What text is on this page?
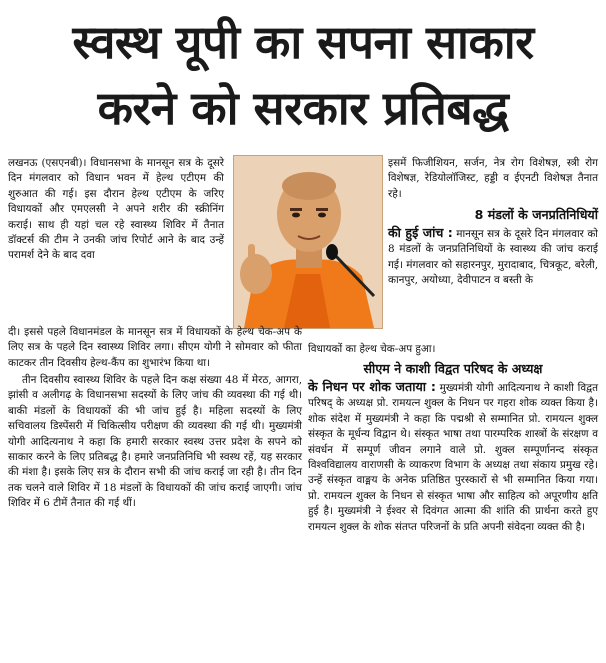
स्वस्थ यूपी का सपना साकार
करने को सरकार प्रतिबद्ध

लखनऊ (एसएनबी)। विधानसभा के मानसून सत्र के दूसरे दिन मंगलवार को विधान भवन में हेल्थ एटीएम की शुरुआत की गई। इस दौरान हेल्थ एटीएम के जरिए विधायकों और एमएलसी ने अपने शरीर की स्क्रीनिंग कराई। साथ ही यहां चल रहे स्वास्थ्य शिविर में तैनात डॉक्टर्स की टीम ने उनकी जांच रिपोर्ट आने के बाद उन्हें परामर्श देने के बाद दवा

इसमें फिजीशियन, सर्जन, नेत्र रोग विशेषज्ञ, स्त्री रोग विशेषज्ञ, रेडियोलॉजिस्ट, हड्डी व ईएनटी विशेषज्ञ तैनात रहे।

8 मंडलों के जनप्रतिनिधियों

की हुई जांच : मानसून सत्र के दूसरे दिन मंगलवार को 8 मंडलों के जनप्रतिनिधियों के स्वास्थ्य की जांच कराई गई। मंगलवार को सहारनपुर, मुरादाबाद, चित्रकूट, बरेली, कानपुर, अयोध्या, देवीपाटन व बस्ती के

दी। इससे पहले विधानमंडल के मानसून सत्र में विधायकों के हेल्थ चेक-अप के लिए सत्र के पहले दिन स्वास्थ्य शिविर लगा। सीएम योगी ने सोमवार को फीता काटकर तीन दिवसीय हेल्थ-कैंप का शुभारंभ किया था।

तीन दिवसीय स्वास्थ्य शिविर के पहले दिन कक्ष संख्या 48 में मेरठ, आगरा, झांसी व अलीगढ़ के विधानसभा सदस्यों के लिए जांच की व्यवस्था की गई थी। बाकी मंडलों के विधायकों की भी जांच हुई है। महिला सदस्यों के लिए सचिवालय डिस्पेंसरी में चिकित्सीय परीक्षण की व्यवस्था की गई थी। मुख्यमंत्री योगी आदित्यनाथ ने कहा कि हमारी सरकार स्वस्थ उत्तर प्रदेश के सपने को साकार करने के लिए प्रतिबद्ध है। हमारे जनप्रतिनिधि भी स्वस्थ रहें, यह सरकार की मंशा है। इसके लिए सत्र के दौरान सभी की जांच कराई जा रही है। तीन दिन तक चलने वाले शिविर में 18 मंडलों के विधायकों की जांच कराई जाएगी। जांच शिविर में 6 टीमें तैनात की गई थीं।

विधायकों का हेल्थ चेक-अप हुआ।

सीएम ने काशी विद्वत परिषद के अध्यक्ष

के निधन पर शोक जताया : मुख्यमंत्री योगी आदित्यनाथ ने काशी विद्वत परिषद् के अध्यक्ष प्रो. रामयत्न शुक्ल के निधन पर गहरा शोक व्यक्त किया है। शोक संदेश में मुख्यमंत्री ने कहा कि पद्मश्री से सम्मानित प्रो. रामयत्न शुक्ल संस्कृत के मूर्धन्य विद्वान थे। संस्कृत भाषा तथा पारम्परिक शास्त्रों के संरक्षण व संवर्धन में सम्पूर्ण जीवन लगाने वाले प्रो. शुक्ल सम्पूर्णानन्द संस्कृत विश्वविद्यालय वाराणसी के व्याकरण विभाग के अध्यक्ष तथा संकाय प्रमुख रहे। उन्हें संस्कृत वाङ्मय के अनेक प्रतिष्ठित पुरस्कारों से भी सम्मानित किया गया। प्रो. रामयत्न शुक्ल के निधन से संस्कृत भाषा और साहित्य को अपूरणीय क्षति हुई है। मुख्यमंत्री ने ईश्वर से दिवंगत आत्मा की शांति की प्रार्थना करते हुए रामयत्न शुक्ल के शोक संतप्त परिजनों के प्रति अपनी संवेदना व्यक्त की है।
